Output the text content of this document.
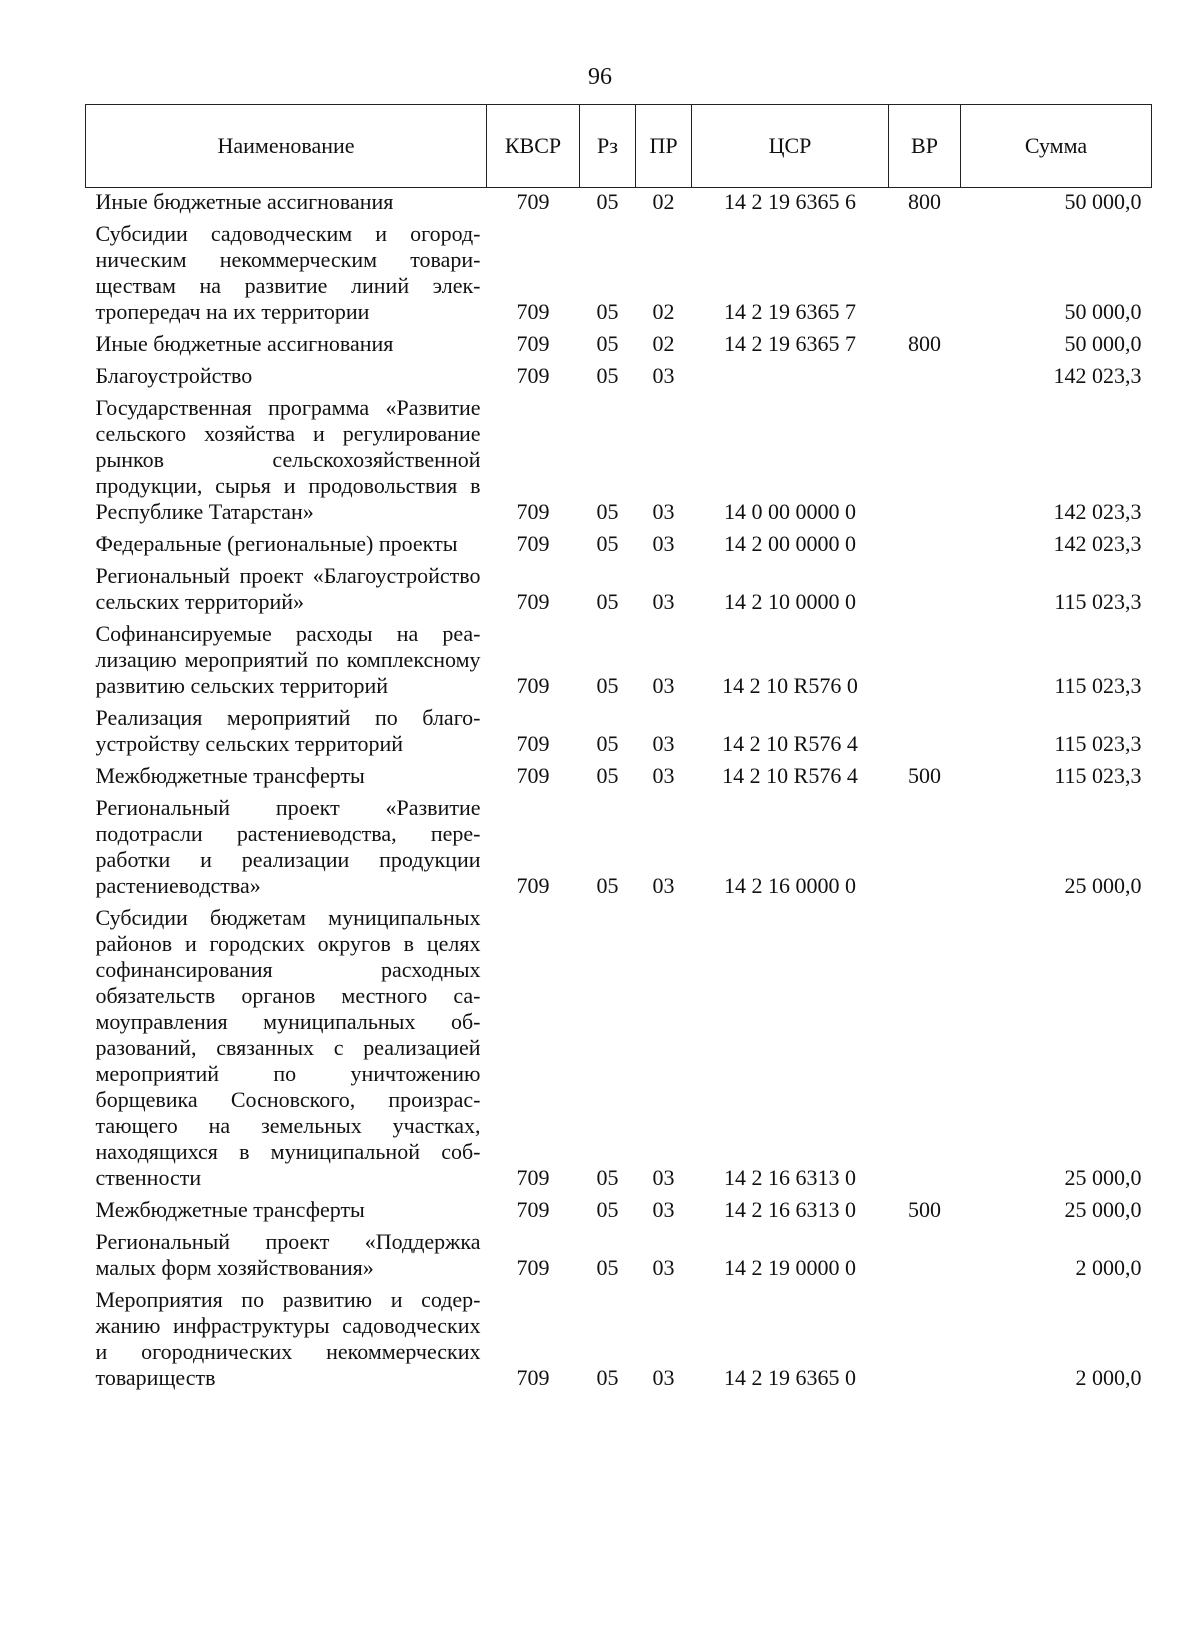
96
Наименование	КВСР	Рз	ПР	ЦСР	ВР	Сумма
Иные бюджетные ассигнования	709	05	02	14 2 19 6365 6	800	50 000,0
Субсидии садоводческим и огородническим некоммерческим товариществам на развитие линий электропередач на их территории	709	05	02	14 2 19 6365 7		50 000,0
Иные бюджетные ассигнования	709	05	02	14 2 19 6365 7	800	50 000,0
Благоустройство	709	05	03			142 023,3
Государственная программа «Развитие сельского хозяйства и регулирование рынков сельскохозяйственной продукции, сырья и продовольствия в Республике Татарстан»	709	05	03	14 0 00 0000 0		142 023,3
Федеральные (региональные) проекты	709	05	03	14 2 00 0000 0		142 023,3
Региональный проект «Благоустройство сельских территорий»	709	05	03	14 2 10 0000 0		115 023,3
Софинансируемые расходы на реализацию мероприятий по комплексному развитию сельских территорий	709	05	03	14 2 10 R576 0		115 023,3
Реализация мероприятий по благоустройству сельских территорий	709	05	03	14 2 10 R576 4		115 023,3
Межбюджетные трансферты	709	05	03	14 2 10 R576 4	500	115 023,3
Региональный проект «Развитие подотрасли растениеводства, переработки и реализации продукции растениеводства»	709	05	03	14 2 16 0000 0		25 000,0
Субсидии бюджетам муниципальных районов и городских округов в целях софинансирования расходных обязательств органов местного самоуправления муниципальных образований, связанных с реализацией мероприятий по уничтожению борщевика Сосновского, произрастающего на земельных участках, находящихся в муниципальной собственности	709	05	03	14 2 16 6313 0		25 000,0
Межбюджетные трансферты	709	05	03	14 2 16 6313 0	500	25 000,0
Региональный проект «Поддержка малых форм хозяйствования»	709	05	03	14 2 19 0000 0		2 000,0
Мероприятия по развитию и содержанию инфраструктуры садоводческих и огороднических некоммерческих товариществ	709	05	03	14 2 19 6365 0		2 000,0
